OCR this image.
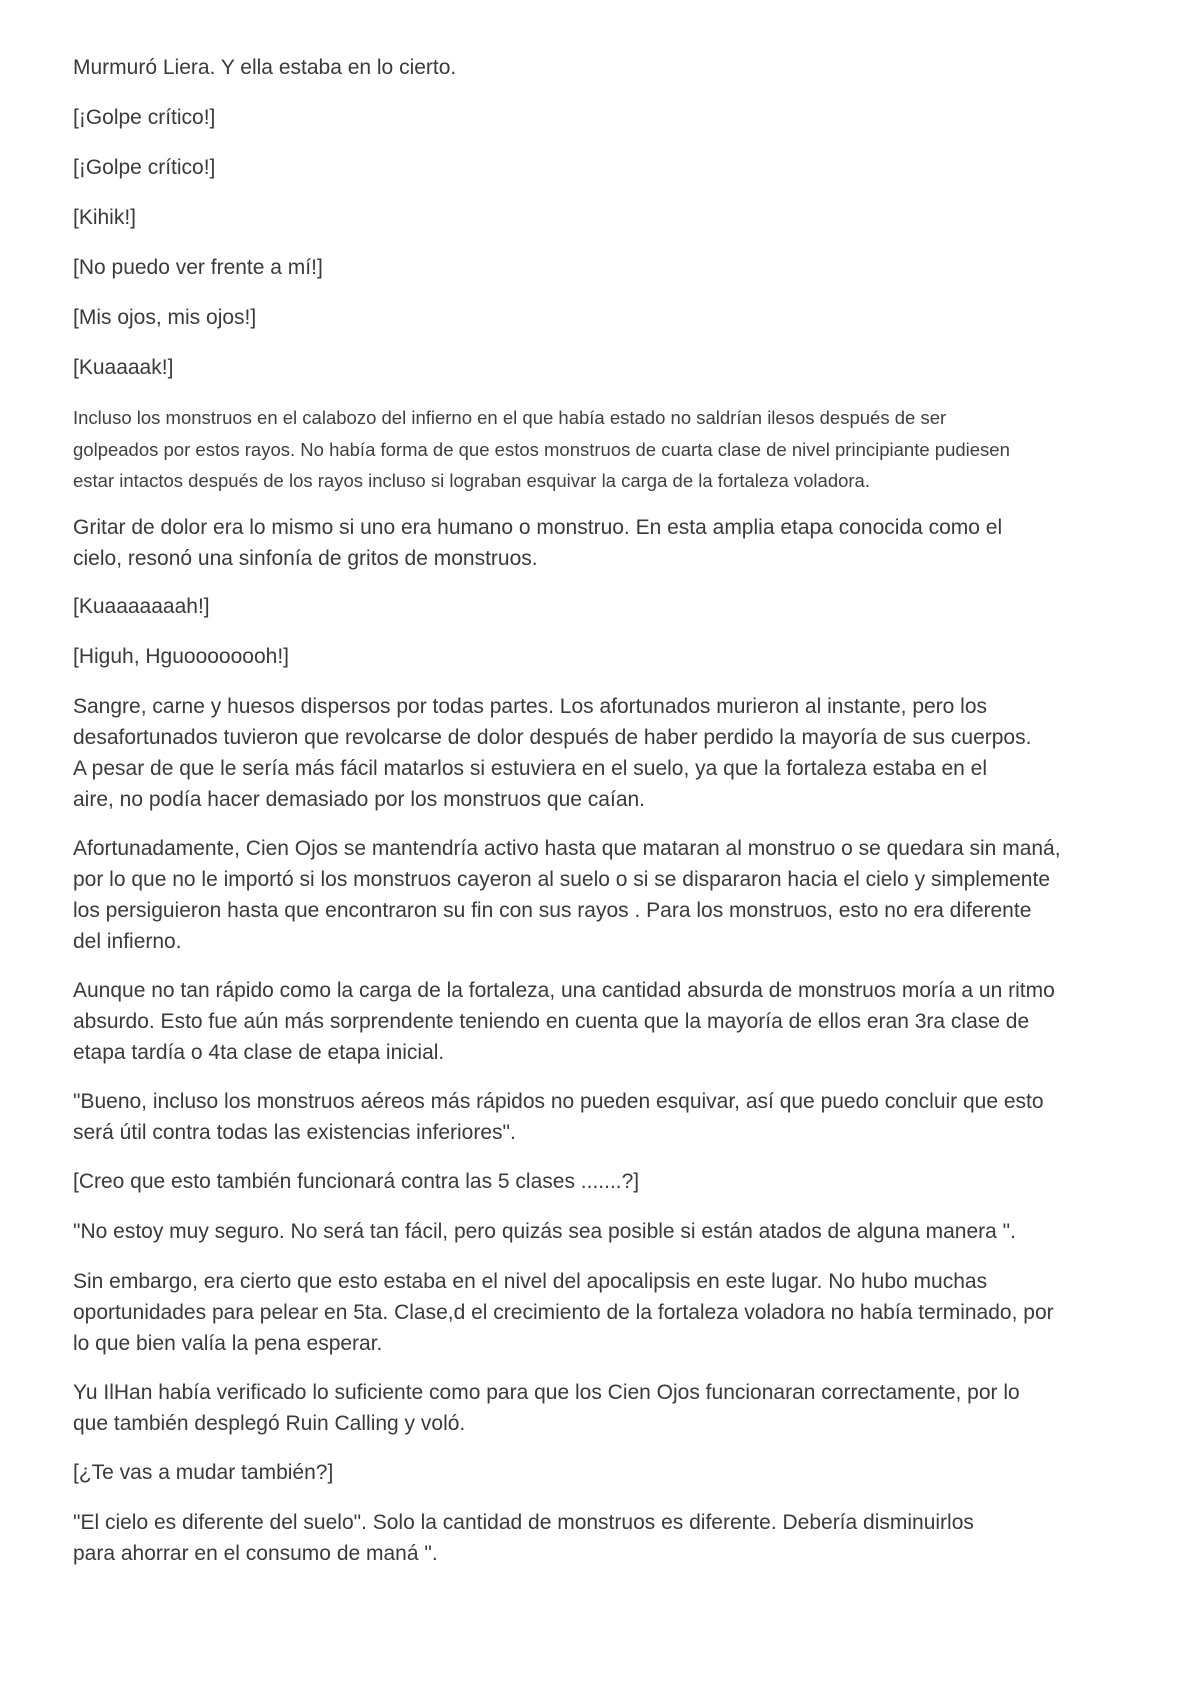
Murmuró Liera. Y ella estaba en lo cierto.
[¡Golpe crítico!]
[¡Golpe crítico!]
[Kihik!]
[No puedo ver frente a mí!]
[Mis ojos, mis ojos!]
[Kuaaaak!]
Incluso los monstruos en el calabozo del infierno en el que había estado no saldrían ilesos después de ser
golpeados por estos rayos. No había forma de que estos monstruos de cuarta clase de nivel principiante pudiesen
estar intactos después de los rayos incluso si lograban esquivar la carga de la fortaleza voladora.
Gritar de dolor era lo mismo si uno era humano o monstruo. En esta amplia etapa conocida como el
cielo, resonó una sinfonía de gritos de monstruos.
[Kuaaaaaaah!]
[Higuh, Hguoooooooh!]
Sangre, carne y huesos dispersos por todas partes. Los afortunados murieron al instante, pero los
desafortunados tuvieron que revolcarse de dolor después de haber perdido la mayoría de sus cuerpos.
A pesar de que le sería más fácil matarlos si estuviera en el suelo, ya que la fortaleza estaba en el
aire, no podía hacer demasiado por los monstruos que caían.
Afortunadamente, Cien Ojos se mantendría activo hasta que mataran al monstruo o se quedara sin maná,
por lo que no le importó si los monstruos cayeron al suelo o si se dispararon hacia el cielo y simplemente
los persiguieron hasta que encontraron su fin con sus rayos . Para los monstruos, esto no era diferente
del infierno.
Aunque no tan rápido como la carga de la fortaleza, una cantidad absurda de monstruos moría a un ritmo
absurdo. Esto fue aún más sorprendente teniendo en cuenta que la mayoría de ellos eran 3ra clase de
etapa tardía o 4ta clase de etapa inicial.
"Bueno, incluso los monstruos aéreos más rápidos no pueden esquivar, así que puedo concluir que esto
será útil contra todas las existencias inferiores".
[Creo que esto también funcionará contra las 5 clases .......?]
"No estoy muy seguro. No será tan fácil, pero quizás sea posible si están atados de alguna manera ".
Sin embargo, era cierto que esto estaba en el nivel del apocalipsis en este lugar. No hubo muchas
oportunidades para pelear en 5ta. Clase,d el crecimiento de la fortaleza voladora no había terminado, por
lo que bien valía la pena esperar.
Yu IlHan había verificado lo suficiente como para que los Cien Ojos funcionaran correctamente, por lo
que también desplegó Ruin Calling y voló.
[¿Te vas a mudar también?]
"El cielo es diferente del suelo". Solo la cantidad de monstruos es diferente. Debería disminuirlos
para ahorrar en el consumo de maná ".
